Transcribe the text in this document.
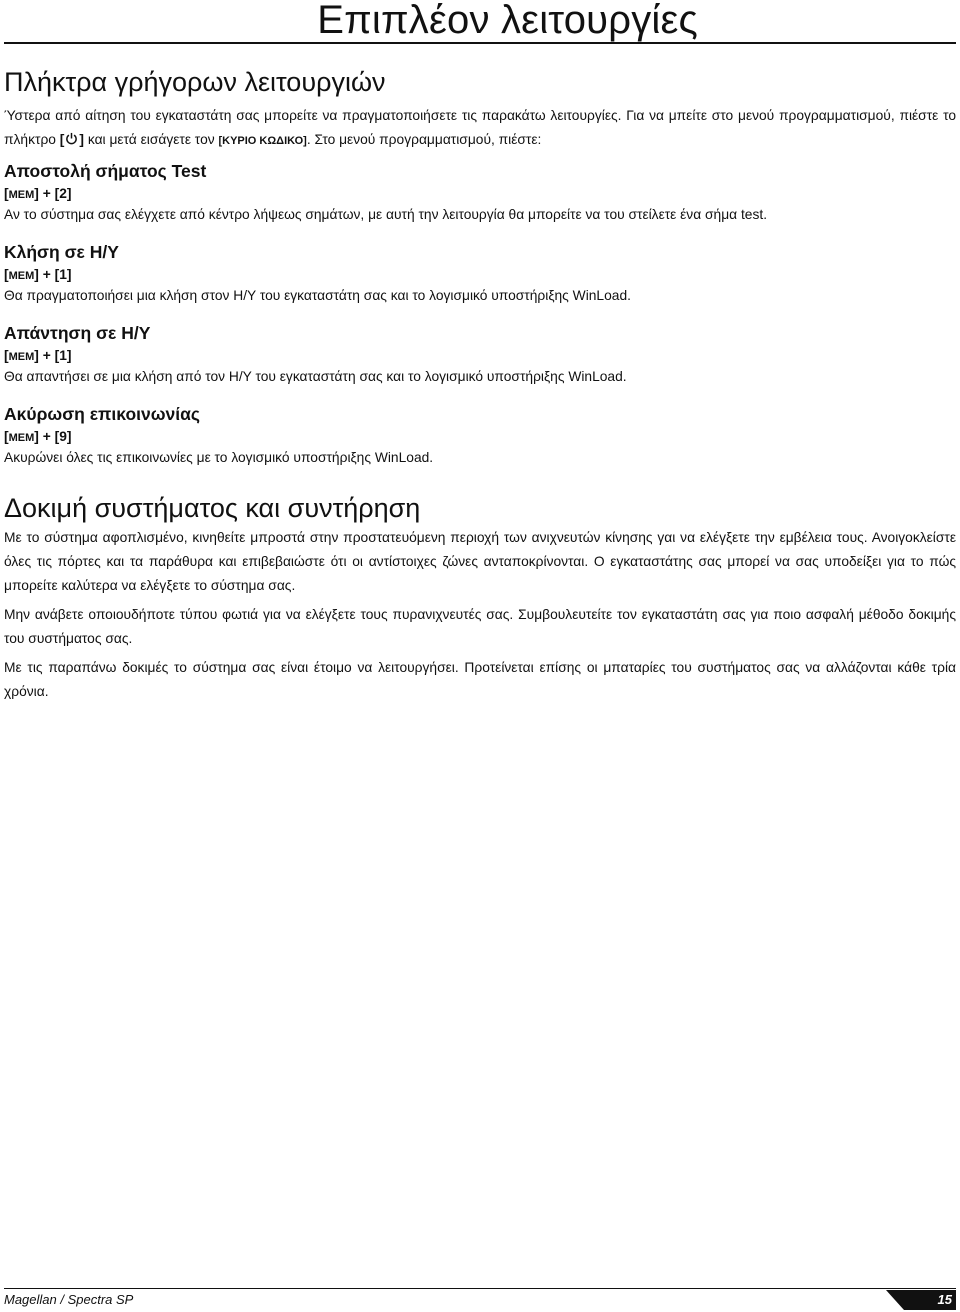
Επιπλέον λειτουργίες
Πλήκτρα γρήγορων λειτουργιών

Ύστερα από αίτηση του εγκαταστάτη σας μπορείτε να πραγματοποιήσετε τις παρακάτω λειτουργίες. Για να μπείτε στο μενού προγραμματισμού, πιέστε το πλήκτρο [ ] και μετά εισάγετε τον [ΚΥΡΙΟ ΚΩΔΙΚΟ]. Στο μενού προγραμματισμού, πιέστε:

Αποστολή σήματος Test
[MEM] + [2]

Αν το σύστημα σας ελέγχετε από κέντρο λήψεως σημάτων, με αυτή την λειτουργία θα μπορείτε να του στείλετε ένα σήμα test.

Κλήση σε Η/Υ
[MEM] + [1]

Θα πραγματοποιήσει μια κλήση στον Η/Υ του εγκαταστάτη σας και το λογισμικό υποστήριξης WinLoad.

Απάντηση σε Η/Υ
[MEM] + [1]

Θα απαντήσει σε μια κλήση από τον Η/Υ του εγκαταστάτη σας και το λογισμικό υποστήριξης WinLoad.

Ακύρωση επικοινωνίας
[MEM] + [9]

Ακυρώνει όλες τις επικοινωνίες με το λογισμικό υποστήριξης WinLoad.

Δοκιμή συστήματος και συντήρηση

Με το σύστημα αφοπλισμένο, κινηθείτε μπροστά στην προστατευόμενη περιοχή των ανιχνευτών κίνησης γαι να ελέγξετε την εμβέλεια τους. Ανοιγοκλείστε όλες τις πόρτες και τα παράθυρα και επιβεβαιώστε ότι οι αντίστοιχες ζώνες ανταποκρίνονται. Ο εγκαταστάτης σας μπορεί να σας υποδείξει για το πώς μπορείτε καλύτερα να ελέγξετε το σύστημα σας.

Μην ανάβετε οποιουδήποτε τύπου φωτιά για να ελέγξετε τους πυρανιχνευτές σας. Συμβουλευτείτε τον εγκαταστάτη σας για ποιο ασφαλή μέθοδο δοκιμής του συστήματος σας.

Με τις παραπάνω δοκιμές το σύστημα σας είναι έτοιμο να λειτουργήσει. Προτείνεται επίσης οι μπαταρίες του συστήματος σας να αλλάζονται κάθε τρία χρόνια.

Magellan / Spectra SP	15
